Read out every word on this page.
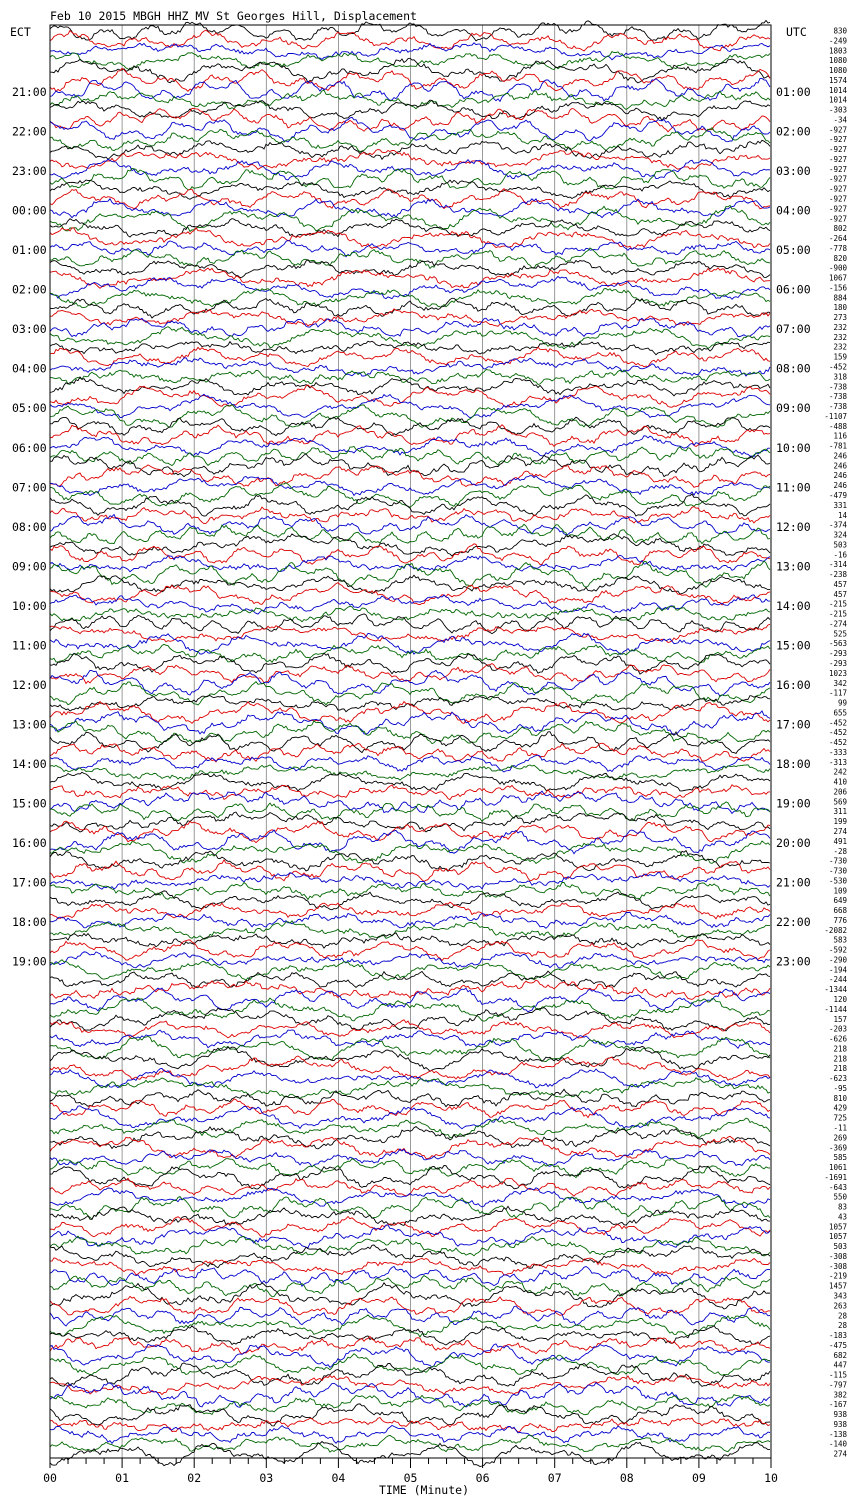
Feb 10 2015 MBGH HHZ MV St Georges Hill, Displacement
ECT	UTC
21:00
22:00
23:00
00:00
01:00
02:00
03:00
04:00
05:00
06:00
07:00
08:00
09:00
10:00
11:00
12:00
13:00
14:00
15:00
16:00
17:00
18:00
19:00
01:00
02:00
03:00
04:00
05:00
06:00
07:00
08:00
09:00
10:00
11:00
12:00
13:00
14:00
15:00
16:00
17:00
18:00
19:00
20:00
21:00
22:00
23:00
830
-249
1803
1080
1080
1574
1014
1014
-303
-34
-927
-927
-927
-927
-927
-927
-927
-927
-927
-927
802
-264
-778
820
-900
1067
-156
884
180
273
232
232
232
159
-452
318
-738
-738
-738
-1107
-488
116
-781
246
246
246
246
-479
331
14
-374
324
503
-16
-314
-238
457
457
-215
-215
-274
525
-563
-293
-293
1023
342
-117
99
655
-452
-452
-452
-333
-313
242
410
206
569
311
199
274
491
-28
-730
-730
-530
109
649
668
776
-2082
583
-592
-290
-194
-244
-1344
120
-1144
157
-203
-626
218
218
218
-623
-95
810
429
725
-11
269
-369
585
1061
-1691
-643
550
83
43
1057
1057
503
-308
-308
-219
1457
343
263
28
28
-183
-475
682
447
-115
-797
382
-167
938
938
-138
-140
274
00	01	02	03	04	05	06	07	08	09	10
TIME (Minute)
